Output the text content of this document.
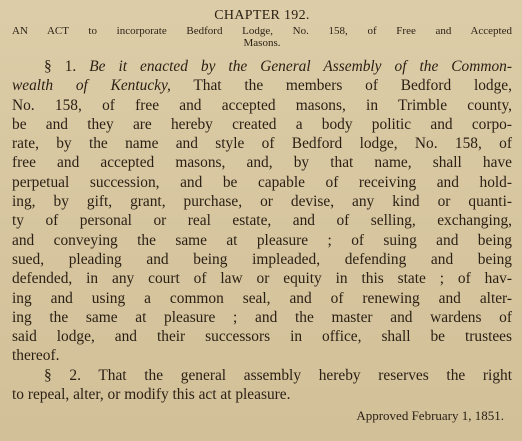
CHAPTER 192.

AN ACT to incorporate Bedford Lodge, No. 158, of Free and Accepted

Masons.

§ 1. Be it enacted by the General Assembly of the Common-

wealth of Kentucky, That the members of Bedford lodge,

No. 158, of free and accepted masons, in Trimble county,

be and they are hereby created a body politic and corpo-

rate, by the name and style of Bedford lodge, No. 158, of

free and accepted masons, and, by that name, shall have

perpetual succession, and be capable of receiving and hold-

ing, by gift, grant, purchase, or devise, any kind or quanti-

ty of personal or real estate, and of selling, exchanging,

and conveying the same at pleasure ; of suing and being

sued, pleading and being impleaded, defending and being

defended, in any court of law or equity in this state ; of hav-

ing and using a common seal, and of renewing and alter-

ing the same at pleasure ; and the master and wardens of

said lodge, and their successors in office, shall be trustees

thereof.

§ 2. That the general assembly hereby reserves the right

to repeal, alter, or modify this act at pleasure.

Approved February 1, 1851.
